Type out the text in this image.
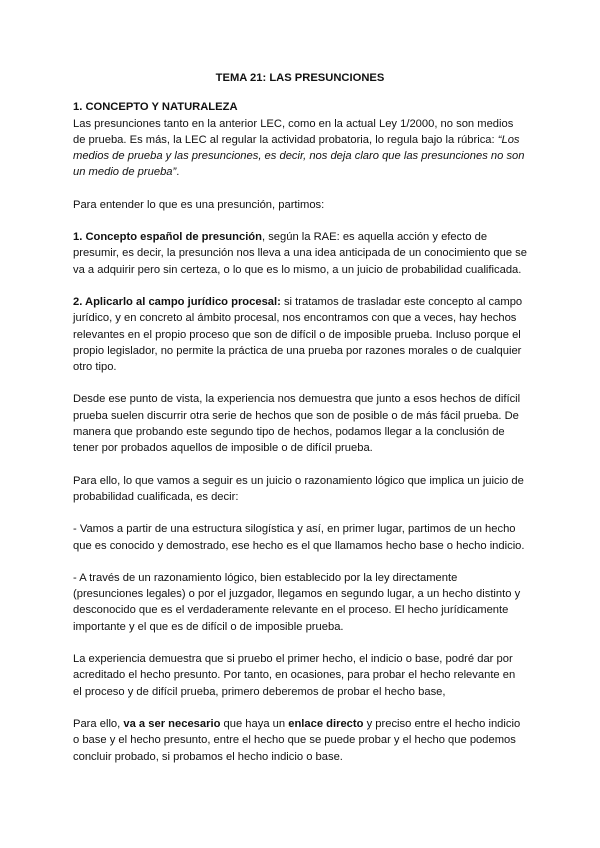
TEMA 21: LAS PRESUNCIONES
1. CONCEPTO Y NATURALEZA

Las presunciones tanto en la anterior LEC, como en la actual Ley 1/2000, no son medios de prueba. Es más, la LEC al regular la actividad probatoria, lo regula bajo la rúbrica: “Los medios de prueba y las presunciones, es decir, nos deja claro que las presunciones no son un medio de prueba”.

Para entender lo que es una presunción, partimos:

1. Concepto español de presunción, según la RAE: es aquella acción y efecto de presumir, es decir, la presunción nos lleva a una idea anticipada de un conocimiento que se va a adquirir pero sin certeza, o lo que es lo mismo, a un juicio de probabilidad cualificada.

2. Aplicarlo al campo jurídico procesal: si tratamos de trasladar este concepto al campo jurídico, y en concreto al ámbito procesal, nos encontramos con que a veces, hay hechos relevantes en el propio proceso que son de difícil o de imposible prueba. Incluso porque el propio legislador, no permite la práctica de una prueba por razones morales o de cualquier otro tipo.

Desde ese punto de vista, la experiencia nos demuestra que junto a esos hechos de difícil prueba suelen discurrir otra serie de hechos que son de posible o de más fácil prueba. De manera que probando este segundo tipo de hechos, podamos llegar a la conclusión de tener por probados aquellos de imposible o de difícil prueba.

Para ello, lo que vamos a seguir es un juicio o razonamiento lógico que implica un juicio de probabilidad cualificada, es decir:

- Vamos a partir de una estructura silogística y así, en primer lugar, partimos de un hecho que es conocido y demostrado, ese hecho es el que llamamos hecho base o hecho indicio.

- A través de un razonamiento lógico, bien establecido por la ley directamente (presunciones legales) o por el juzgador, llegamos en segundo lugar, a un hecho distinto y desconocido que es el verdaderamente relevante en el proceso. El hecho jurídicamente importante y el que es de difícil o de imposible prueba.

La experiencia demuestra que si pruebo el primer hecho, el indicio o base, podré dar por acreditado el hecho presunto. Por tanto, en ocasiones, para probar el hecho relevante en el proceso y de difícil prueba, primero deberemos de probar el hecho base,

Para ello, va a ser necesario que haya un enlace directo y preciso entre el hecho indicio o base y el hecho presunto, entre el hecho que se puede probar y el hecho que podemos concluir probado, si probamos el hecho indicio o base.
